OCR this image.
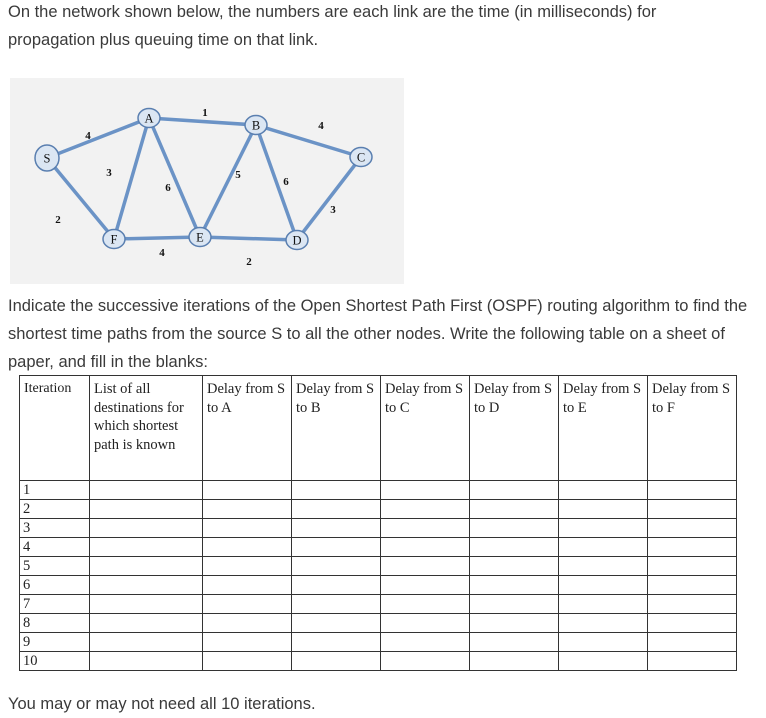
On the network shown below, the numbers are each link are the time (in milliseconds) for propagation plus queuing time on that link.

4
1
4
2
3
6
5
6
3
4
2
S
A	B
C
F	E	D

Indicate the successive iterations of the Open Shortest Path First (OSPF) routing algorithm to find the shortest time paths from the source S to all the other nodes. Write the following table on a sheet of paper, and fill in the blanks:

Iteration	List of all destinations for which shortest path is known	Delay from S to A	Delay from S to B	Delay from S to C	Delay from S to D	Delay from S to E	Delay from S to F
1							
2							
3							
4							
5							
6							
7							
8							
9							
10							

You may or may not need all 10 iterations.
